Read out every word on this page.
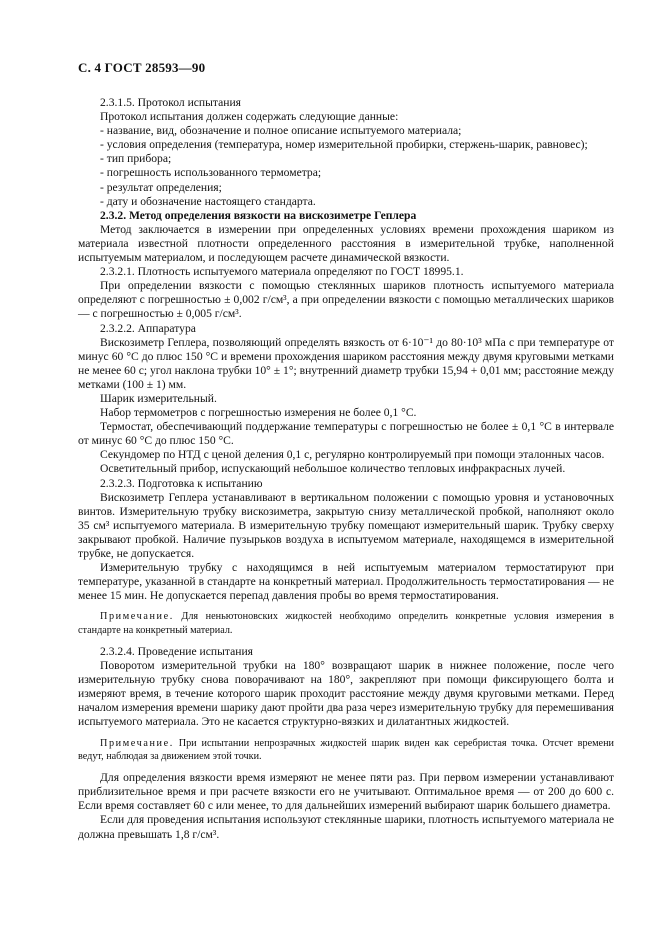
С. 4 ГОСТ 28593—90

2.3.1.5. Протокол испытания

Протокол испытания должен содержать следующие данные:

- название, вид, обозначение и полное описание испытуемого материала;

- условия определения (температура, номер измерительной пробирки, стержень-шарик, равновес);

- тип прибора;

- погрешность использованного термометра;

- результат определения;

- дату и обозначение настоящего стандарта.

2.3.2. Метод определения вязкости на вискозиметре Геплера

Метод заключается в измерении при определенных условиях времени прохождения шариком из материала известной плотности определенного расстояния в измерительной трубке, наполненной испытуемым материалом, и последующем расчете динамической вязкости.

2.3.2.1. Плотность испытуемого материала определяют по ГОСТ 18995.1.

При определении вязкости с помощью стеклянных шариков плотность испытуемого материала определяют с погрешностью ± 0,002 г/см³, а при определении вязкости с помощью металлических шариков — с погрешностью ± 0,005 г/см³.

2.3.2.2. Аппаратура

Вискозиметр Геплера, позволяющий определять вязкость от 6·10⁻¹ до 80·10³ мПа с при температуре от минус 60 °С до плюс 150 °С и времени прохождения шариком расстояния между двумя круговыми метками не менее 60 с; угол наклона трубки 10° ± 1°; внутренний диаметр трубки 15,94 + 0,01 мм; расстояние между метками (100 ± 1) мм.

Шарик измерительный.

Набор термометров с погрешностью измерения не более 0,1 °С.

Термостат, обеспечивающий поддержание температуры с погрешностью не более ± 0,1 °С в интервале от минус 60 °С до плюс 150 °С.

Секундомер по НТД с ценой деления 0,1 с, регулярно контролируемый при помощи эталонных часов.

Осветительный прибор, испускающий небольшое количество тепловых инфракрасных лучей.

2.3.2.3. Подготовка к испытанию

Вискозиметр Геплера устанавливают в вертикальном положении с помощью уровня и установочных винтов. Измерительную трубку вискозиметра, закрытую снизу металлической пробкой, наполняют около 35 см³ испытуемого материала. В измерительную трубку помещают измерительный шарик. Трубку сверху закрывают пробкой. Наличие пузырьков воздуха в испытуемом материале, находящемся в измерительной трубке, не допускается.

Измерительную трубку с находящимся в ней испытуемым материалом термостатируют при температуре, указанной в стандарте на конкретный материал. Продолжительность термостатирования — не менее 15 мин. Не допускается перепад давления пробы во время термостатирования.

Примечание. Для неньютоновских жидкостей необходимо определить конкретные условия измерения в стандарте на конкретный материал.

2.3.2.4. Проведение испытания

Поворотом измерительной трубки на 180° возвращают шарик в нижнее положение, после чего измерительную трубку снова поворачивают на 180°, закрепляют при помощи фиксирующего болта и измеряют время, в течение которого шарик проходит расстояние между двумя круговыми метками. Перед началом измерения времени шарику дают пройти два раза через измерительную трубку для перемешивания испытуемого материала. Это не касается структурно-вязких и дилатантных жидкостей.

Примечание. При испытании непрозрачных жидкостей шарик виден как серебристая точка. Отсчет времени ведут, наблюдая за движением этой точки.

Для определения вязкости время измеряют не менее пяти раз. При первом измерении устанавливают приблизительное время и при расчете вязкости его не учитывают. Оптимальное время — от 200 до 600 с. Если время составляет 60 с или менее, то для дальнейших измерений выбирают шарик большего диаметра.

Если для проведения испытания используют стеклянные шарики, плотность испытуемого материала не должна превышать 1,8 г/см³.
